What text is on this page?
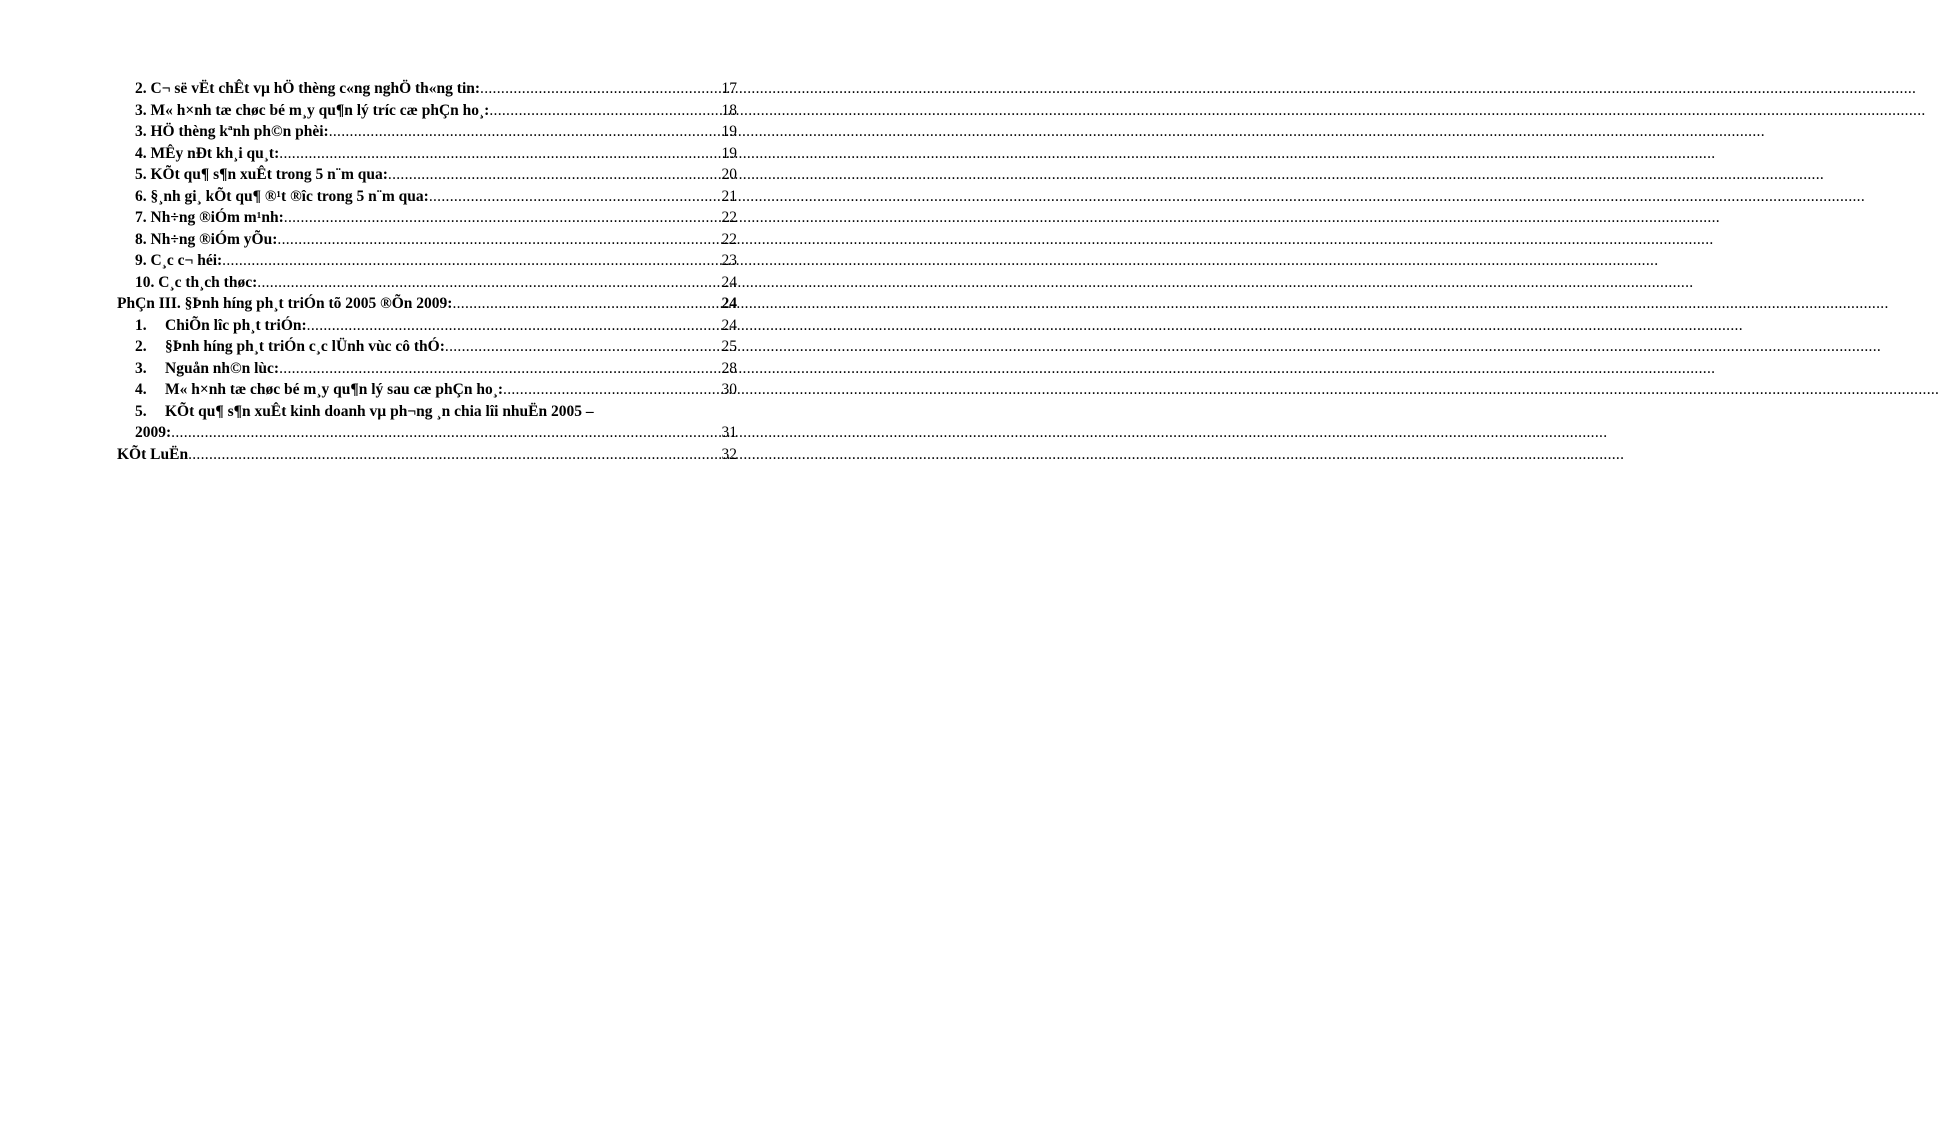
2. C¬ së vËt chÊt vµ hÖ thèng c«ng nghÖ th«ng tin: .....	17
3. M« h×nh tæ chøc bé m¸y qu¶n lý tríc cæ phÇn ho¸: .....	18
3. HÖ thèng kªnh ph©n phèi: .....	19
4. MÊy nÐt kh¸i qu¸t: .....	19
5. KÕt qu¶ s¶n xuÊt trong 5 n¨m qua: .....	20
6. §¸nh gi¸ kÕt qu¶ ®¹t ®îc trong 5 n¨m qua: .....	21
7. Nh÷ng ®iÓm m¹nh: .....	22
8. Nh÷ng ®iÓm yÕu: .....	22
9. C¸c c¬ héi: .....	23
10. C¸c th¸ch thøc: .....	24
PhÇn III. §Þnh híng ph¸t triÓn tõ 2005 ®Õn 2009: .....	24
1. ChiÕn lîc ph¸t triÓn: .....	24
2. §Þnh híng ph¸t triÓn c¸c lÜnh vùc cô thÓ: .....	25
3. Nguån nh©n lùc: .....	28
4. M« h×nh tæ chøc bé m¸y qu¶n lý sau cæ phÇn ho¸: .....	30
5. KÕt qu¶ s¶n xuÊt kinh doanh vµ ph¬ng ¸n chia lîi nhuËn 2005 –
2009: .....	31
KÕt LuËn .....	32
